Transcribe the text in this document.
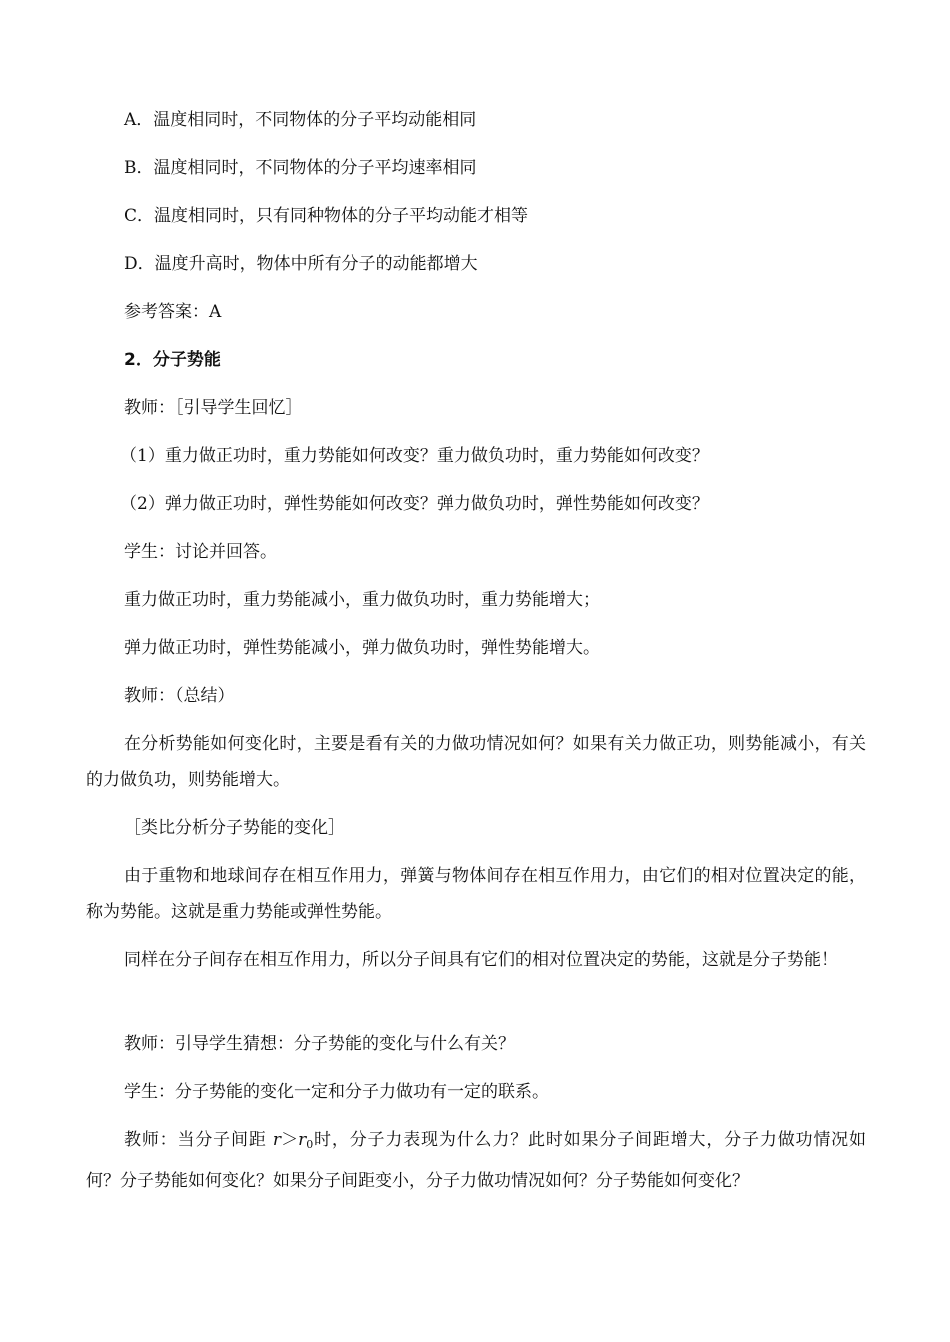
A．温度相同时，不同物体的分子平均动能相同

B．温度相同时，不同物体的分子平均速率相同

C．温度相同时，只有同种物体的分子平均动能才相等

D．温度升高时，物体中所有分子的动能都增大

参考答案：A

2．分子势能

教师：［引导学生回忆］

（1）重力做正功时，重力势能如何改变？重力做负功时，重力势能如何改变？

（2）弹力做正功时，弹性势能如何改变？弹力做负功时，弹性势能如何改变？

学生：讨论并回答。

重力做正功时，重力势能减小，重力做负功时，重力势能增大；

弹力做正功时，弹性势能减小，弹力做负功时，弹性势能增大。

教师：（总结）

在分析势能如何变化时，主要是看有关的力做功情况如何？如果有关力做正功，则势能减小，有关的力做负功，则势能增大。

［类比分析分子势能的变化］

由于重物和地球间存在相互作用力，弹簧与物体间存在相互作用力，由它们的相对位置决定的能，称为势能。这就是重力势能或弹性势能。

同样在分子间存在相互作用力，所以分子间具有它们的相对位置决定的势能，这就是分子势能！

教师：引导学生猜想：分子势能的变化与什么有关？

学生：分子势能的变化一定和分子力做功有一定的联系。

教师：当分子间距 $r>r_0$时，分子力表现为什么力？此时如果分子间距增大，分子力做功情况如何？分子势能如何变化？如果分子间距变小，分子力做功情况如何？分子势能如何变化？
